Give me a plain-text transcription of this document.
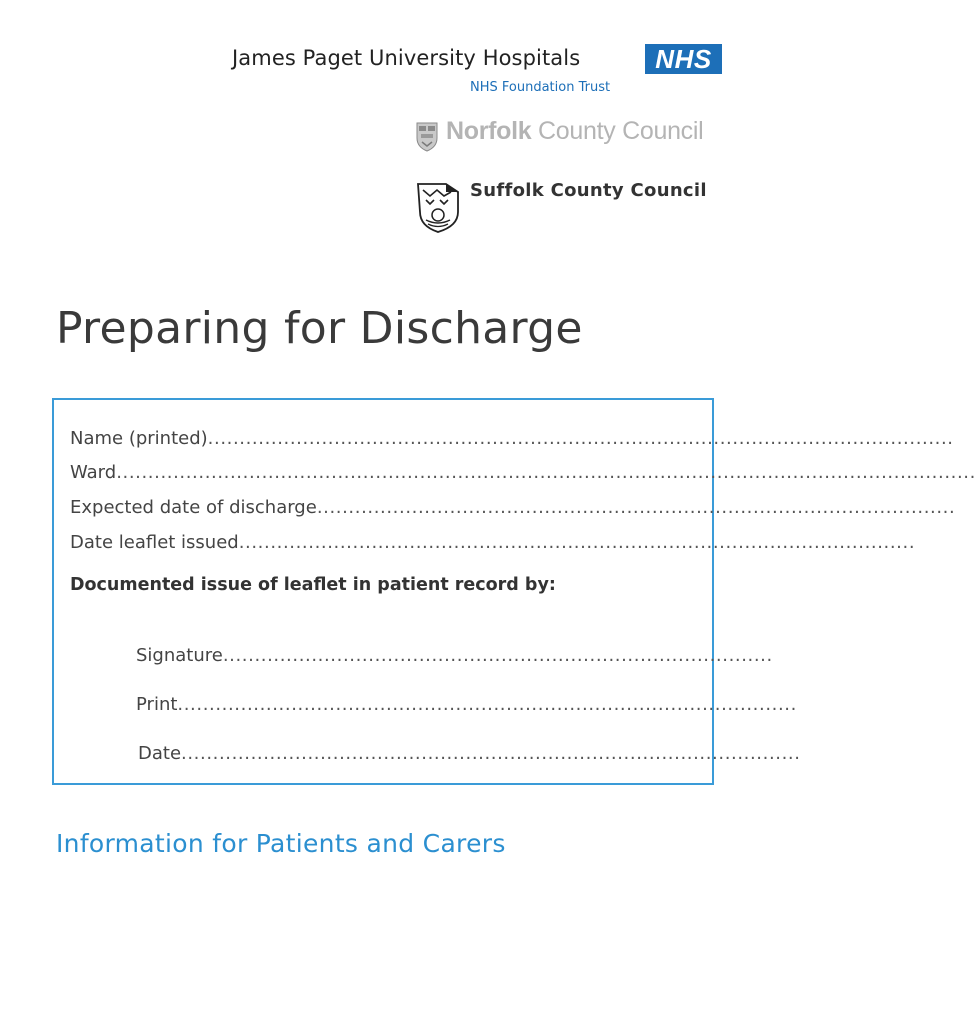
James Paget University Hospitals	NHS
NHS Foundation Trust
Norfolk County Council
Suffolk County Council
Preparing for Discharge
Name (printed)......................................................................................................................
Ward........................................................................................................................................
Expected date of discharge.....................................................................................................
Date leaflet issued...........................................................................................................
Documented issue of leaflet in patient record by:
Signature.......................................................................................
Print..................................................................................................
Date..................................................................................................
Information for Patients and Carers
